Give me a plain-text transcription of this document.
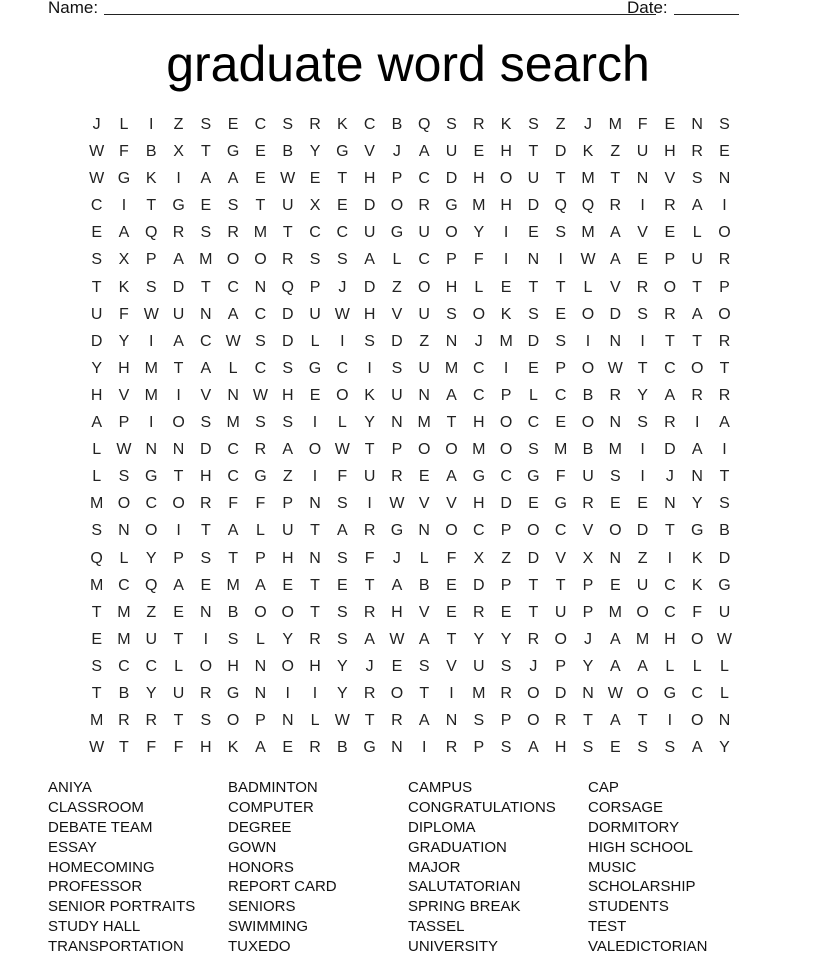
Name:	Date:
graduate word search
J	L	I	Z	S	E	C	S	R	K	C	B Q S	R	K	S	Z	J	M F	E	N	S
W F	B	X	T	G E	B	Y G V	J	A	U	E	H	T	D	K	Z	U H R	E
W G K	I	A	A	E W E	T	H	P	C D H O U	T M T	N	V	S	N
C	I	T	G E	S	T	U	X	E	D O R G M H D Q Q R	I	R	A	I
E	A Q R	S	R M T	C C U G U O Y	I	E	S M A	V	E	L	O
S	X	P	A M O O R	S	S	A	L	C	P	F	I	N	I	W A	E	P	U R
T	K	S	D	T	C N Q P	J	D	Z	O H	L	E	T	T	L	V	R O	T	P
U	F W U N	A	C D U W H	V	U	S O K	S	E O D	S	R	A O
D	Y	I	A	C W S	D	L	I	S	D	Z	N	J	M D	S	I	N	I	T	T	R
Y	H M T	A	L	C	S G C	I	S	U M C	I	E	P O W T	C O	T
H	V M	I	V	N W H	E O K	U N	A	C	P	L	C	B	R	Y	A	R R
A	P	I	O S M S	S	I	L	Y	N M T	H O C	E O N	S	R	I	A
L W N N D C R	A O W T	P O O M O S M B M	I	D	A	I
L	S G	T	H C G	Z	I	F	U R	E	A G C G	F	U	S	I	J	N	T
M O C O R	F	F	P	N	S	I	W V	V	H D	E G R	E	E	N	Y	S
S	N O	I	T	A	L	U	T	A	R G N O C	P O C	V O D	T	G B
Q	L	Y	P	S	T	P	H N	S	F	J	L	F	X	Z	D	V	X	N	Z	I	K	D
M C Q A	E M A	E	T	E	T	A	B	E	D	P	T	T	P	E	U C	K G
T M Z	E	N	B O O	T	S	R H	V	E	R	E	T	U	P M O C	F	U
E M U	T	I	S	L	Y	R	S	A W A	T	Y	Y	R O	J	A M H O W
S	C C	L	O H N O H	Y	J	E	S	V	U	S	J	P	Y	A	A	L	L	L
T	B	Y	U R G N	I	I	Y	R O	T	I	M R O D N W O G C	L
M R R	T	S O P	N	L W T	R	A	N	S	P O R	T	A	T	I	O N
W T	F	F	H	K	A	E	R	B G N	I	R	P	S	A	H	S	E	S	S	A	Y
ANIYA	BADMINTON	CAMPUS	CAP
CLASSROOM	COMPUTER	CONGRATULATIONS	CORSAGE
DEBATE TEAM	DEGREE	DIPLOMA	DORMITORY
ESSAY	GOWN	GRADUATION	HIGH SCHOOL
HOMECOMING	HONORS	MAJOR	MUSIC
PROFESSOR	REPORT CARD	SALUTATORIAN	SCHOLARSHIP
SENIOR PORTRAITS	SENIORS	SPRING BREAK	STUDENTS
STUDY HALL	SWIMMING	TASSEL	TEST
TRANSPORTATION	TUXEDO	UNIVERSITY	VALEDICTORIAN
